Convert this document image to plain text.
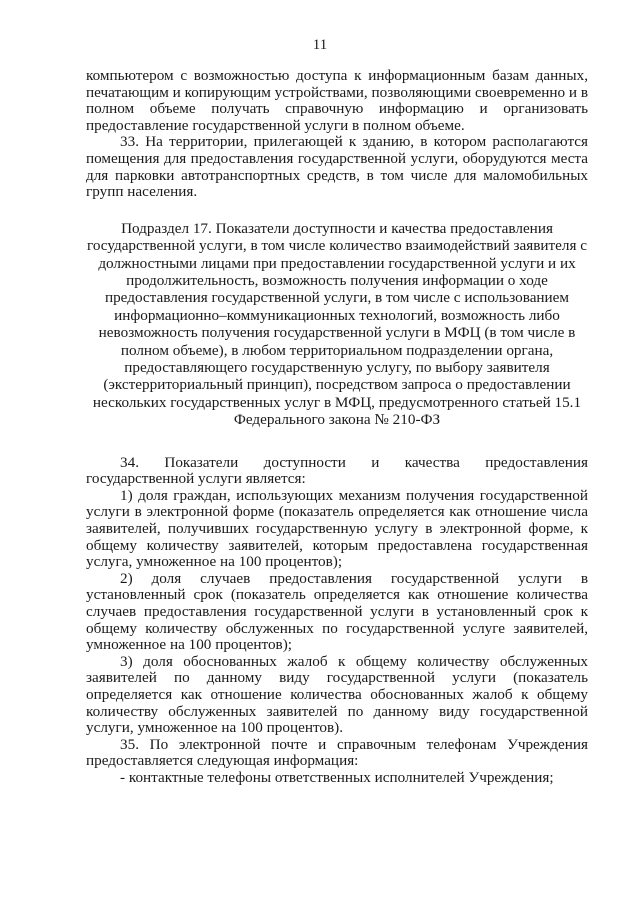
11

компьютером с возможностью доступа к информационным базам данных, печатающим и копирующим устройствами, позволяющими своевременно и в полном объеме получать справочную информацию и организовать предоставление государственной услуги в полном объеме.

33. На территории, прилегающей к зданию, в котором располагаются помещения для предоставления государственной услуги, оборудуются места для парковки автотранспортных средств, в том числе для маломобильных групп населения.

Подраздел 17. Показатели доступности и качества предоставления государственной услуги, в том числе количество взаимодействий заявителя с должностными лицами при предоставлении государственной услуги и их продолжительность, возможность получения информации о ходе предоставления государственной услуги, в том числе с использованием информационно–коммуникационных технологий, возможность либо невозможность получения государственной услуги в МФЦ (в том числе в полном объеме), в любом территориальном подразделении органа, предоставляющего государственную услугу, по выбору заявителя (экстерриториальный принцип), посредством запроса о предоставлении нескольких государственных услуг в МФЦ, предусмотренного статьей 15.1 Федерального закона № 210-ФЗ

34. Показатели доступности и качества предоставления государственной услуги является:

1) доля граждан, использующих механизм получения государственной услуги в электронной форме (показатель определяется как отношение числа заявителей, получивших государственную услугу в электронной форме, к общему количеству заявителей, которым предоставлена государственная услуга, умноженное на 100 процентов);

2) доля случаев предоставления государственной услуги в установленный срок (показатель определяется как отношение количества случаев предоставления государственной услуги в установленный срок к общему количеству обслуженных по государственной услуге заявителей, умноженное на 100 процентов);

3) доля обоснованных жалоб к общему количеству обслуженных заявителей по данному виду государственной услуги (показатель определяется как отношение количества обоснованных жалоб к общему количеству обслуженных заявителей по данному виду государственной услуги, умноженное на 100 процентов).

35. По электронной почте и справочным телефонам Учреждения предоставляется следующая информация:

- контактные телефоны ответственных исполнителей Учреждения;
